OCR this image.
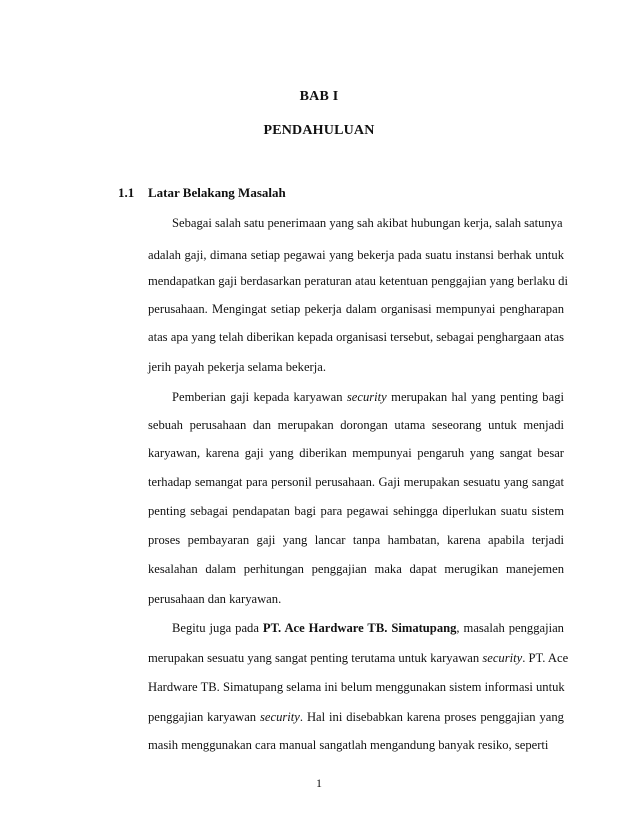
BAB I
PENDAHULUAN
1.1 Latar Belakang Masalah
Sebagai salah satu penerimaan yang sah akibat hubungan kerja, salah satunya
adalah gaji, dimana setiap pegawai yang bekerja pada suatu instansi berhak untuk
mendapatkan gaji berdasarkan peraturan atau ketentuan penggajian yang berlaku di
perusahaan. Mengingat setiap pekerja dalam organisasi mempunyai pengharapan
atas apa yang telah diberikan kepada organisasi tersebut, sebagai penghargaan atas
jerih payah pekerja selama bekerja.
Pemberian gaji kepada karyawan security merupakan hal yang penting bagi
sebuah perusahaan dan merupakan dorongan utama seseorang untuk menjadi
karyawan, karena gaji yang diberikan mempunyai pengaruh yang sangat besar
terhadap semangat para personil perusahaan. Gaji merupakan sesuatu yang sangat
penting sebagai pendapatan bagi para pegawai sehingga diperlukan suatu sistem
proses pembayaran gaji yang lancar tanpa hambatan, karena apabila terjadi
kesalahan dalam perhitungan penggajian maka dapat merugikan manejemen
perusahaan dan karyawan.
Begitu juga pada PT. Ace Hardware TB. Simatupang, masalah penggajian
merupakan sesuatu yang sangat penting terutama untuk karyawan security. PT. Ace
Hardware TB. Simatupang selama ini belum menggunakan sistem informasi untuk
penggajian karyawan security. Hal ini disebabkan karena proses penggajian yang
masih menggunakan cara manual sangatlah mengandung banyak resiko, seperti
1
